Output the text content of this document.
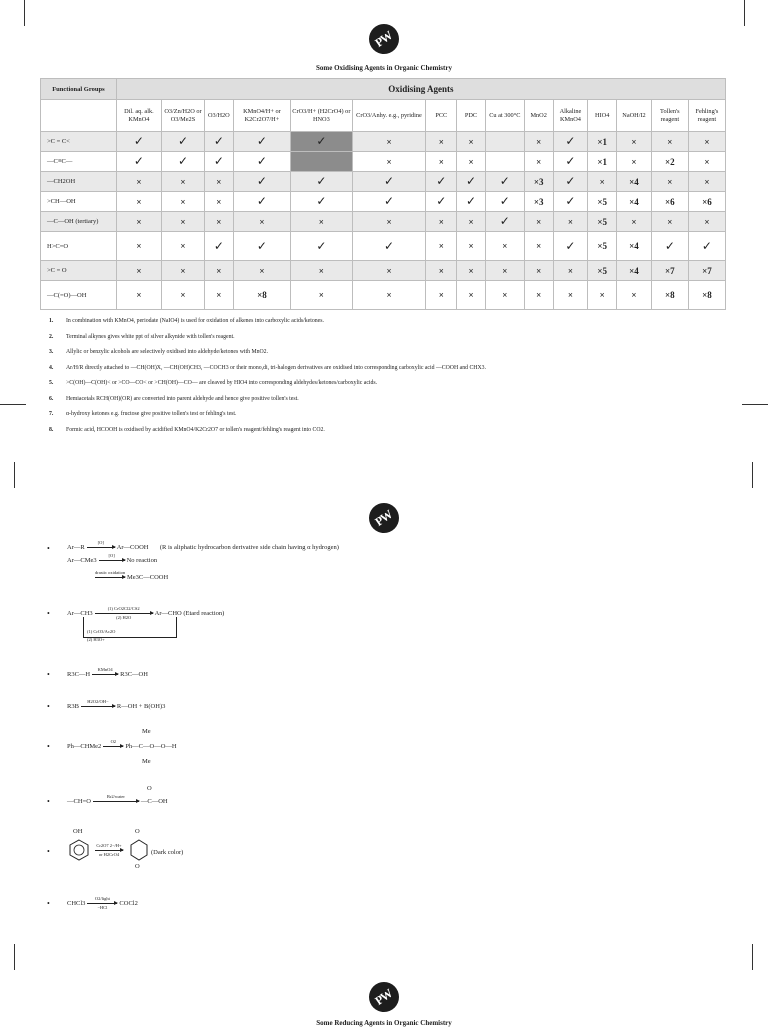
PW
Some Oxidising Agents in Organic Chemistry
Functional Groups	Oxidising Agents														
	Dil. aq. alk. KMnO4	O3/Zn/H2O or O3/Me2S	O3/H2O	KMnO4/H+ or K2Cr2O7/H+	CrO3/H+ (H2CrO4) or HNO3	CrO3/Anhy. e.g., pyridine	PCC	PDC	Cu at 300°C	MnO2	Alkaline KMnO4	HIO4	NaOH/I2	Tollen's reagent	Fehling's reagent
>C = C<	✓	✓	✓	✓	✓	×	×	×		×	✓	×1	×	×	×
—C≡C—	✓	✓	✓	✓		×	×	×		×	✓	×1	×	×2	×
—CH2OH	×	×	×	✓	✓	✓	✓	✓	✓	×3	✓	×	×4	×	×
>CH—OH	×	×	×	✓	✓	✓	✓	✓	✓	×3	✓	×5	×4	×6	×6
—C—OH (tertiary)	×	×	×	×	×	×	×	×	✓	×	×	×5	×	×	×
H>C=O	×	×	✓	✓	✓	✓	×	×	×	×	✓	×5	×4	✓	✓
>C = O	×	×	×	×	×	×	×	×	×	×	×	×5	×4	×7	×7
—C(=O)—OH	×	×	×	×8	×	×	×	×	×	×	×	×	×	×8	×8
1. In combination with KMnO4, periodate (NaIO4) is used for oxidation of alkenes into carboxylic acids/ketones.
2. Terminal alkynes gives white ppt of silver alkynide with tollen's reagent.
3. Allylic or benzylic alcohols are selectively oxidised into aldehyde/ketones with MnO2.
4. Ar/H/R directly attached to —CH(OH)X, —CH(OH)CH3, —COCH3 or their mono,di, tri-halogen derivatives are oxidised into corresponding carboxylic acid —COOH and CHX3.
5. >C(OH)—C(OH)< or >CO—CO< or >CH(OH)—CO— are cleaved by HIO4 into corresponding aldehydes/ketones/carboxylic acids.
6. Hemiacetals RCH(OH)(OR) are converted into parent aldehyde and hence give positive tollen's test.
7. α-hydroxy ketones e.g. fructose give positive tollen's test or fehling's test.
8. Formic acid, HCOOH is oxidised by acidified KMnO4/K2Cr2O7 or tollen's reagent/fehling's reagent into CO2.
PW
Ar—R
[O]
Ar—COOH (R is aliphatic hydrocarbon derivative side chain having α hydrogen)
Ar—CMe3
[O]
No reaction
drastic oxidation
Me3C—COOH
Ar—CH3
(1) CrO2Cl2/CS2
(2) H2O
Ar—CHO (Etard reaction)
(1) CrO3/Ac2O
(2) H3O+
R3C—H
KMnO4
R3C—OH
R3B
H2O2/OH−
R—OH + B(OH)3
Ph—CHMe2
O2
Ph—C—O—O—H
Me
Me
—CH=O
Br2/water
—C—OH
O
OH
Cr2O7 2−/H+
or H2CrO4
O
O
(Dark color)
CHCl3
O2/light
−HCl
COCl2
•
•
•
•
•
•
•
•
PW
Some Reducing Agents in Organic Chemistry
